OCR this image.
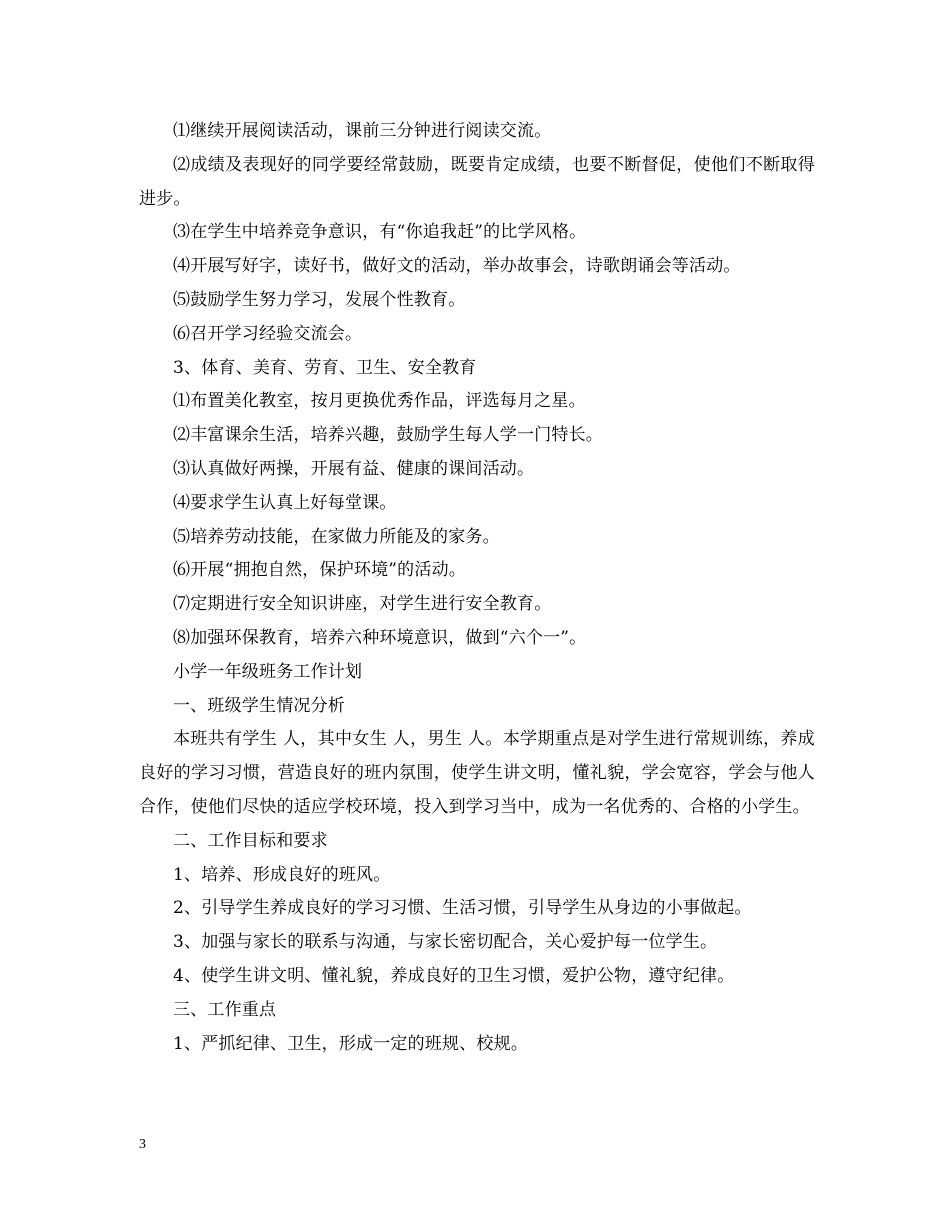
⑴继续开展阅读活动，课前三分钟进行阅读交流。

⑵成绩及表现好的同学要经常鼓励，既要肯定成绩，也要不断督促，使他们不断取得进步。

⑶在学生中培养竞争意识，有“你追我赶”的比学风格。

⑷开展写好字，读好书，做好文的活动，举办故事会，诗歌朗诵会等活动。

⑸鼓励学生努力学习，发展个性教育。

⑹召开学习经验交流会。

3、体育、美育、劳育、卫生、安全教育

⑴布置美化教室，按月更换优秀作品，评选每月之星。

⑵丰富课余生活，培养兴趣，鼓励学生每人学一门特长。

⑶认真做好两操，开展有益、健康的课间活动。

⑷要求学生认真上好每堂课。

⑸培养劳动技能，在家做力所能及的家务。

⑹开展“拥抱自然，保护环境”的活动。

⑺定期进行安全知识讲座，对学生进行安全教育。

⑻加强环保教育，培养六种环境意识，做到“六个一”。

小学一年级班务工作计划

一、班级学生情况分析

本班共有学生 人，其中女生 人，男生 人。本学期重点是对学生进行常规训练，养成良好的学习习惯，营造良好的班内氛围，使学生讲文明，懂礼貌，学会宽容，学会与他人合作，使他们尽快的适应学校环境，投入到学习当中，成为一名优秀的、合格的小学生。

二、工作目标和要求

1、培养、形成良好的班风。

2、引导学生养成良好的学习习惯、生活习惯，引导学生从身边的小事做起。

3、加强与家长的联系与沟通，与家长密切配合，关心爱护每一位学生。

4、使学生讲文明、懂礼貌，养成良好的卫生习惯，爱护公物，遵守纪律。

三、工作重点

1、严抓纪律、卫生，形成一定的班规、校规。

3
